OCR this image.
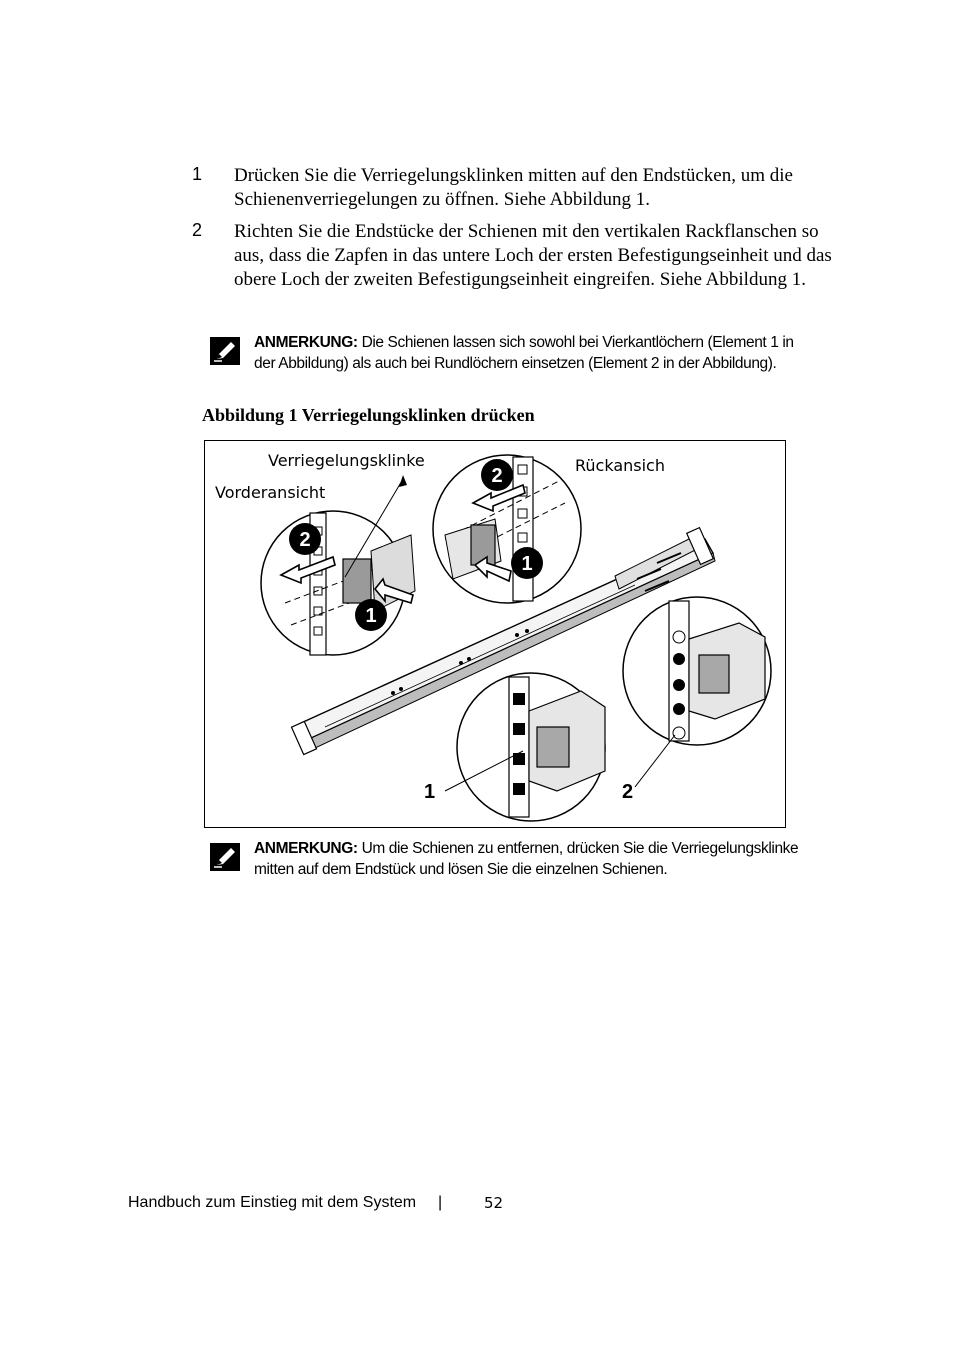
1 Drücken Sie die Verriegelungsklinken mitten auf den Endstücken, um die Schienenverriegelungen zu öffnen. Siehe Abbildung 1.
2 Richten Sie die Endstücke der Schienen mit den vertikalen Rackflanschen so aus, dass die Zapfen in das untere Loch der ersten Befestigungseinheit und das obere Loch der zweiten Befestigungseinheit eingreifen. Siehe Abbildung 1.
ANMERKUNG: Die Schienen lassen sich sowohl bei Vierkantlöchern (Element 1 in der Abbildung) als auch bei Rundlöchern einsetzen (Element 2 in der Abbildung).
Abbildung 1 Verriegelungsklinken drücken
2
1
2
1
Verriegelungsklinke
Vorderansicht
Rückansich
1	2
ANMERKUNG: Um die Schienen zu entfernen, drücken Sie die Verriegelungsklinke mitten auf dem Endstück und lösen Sie die einzelnen Schienen.
Handbuch zum Einstieg mit dem System |	52
